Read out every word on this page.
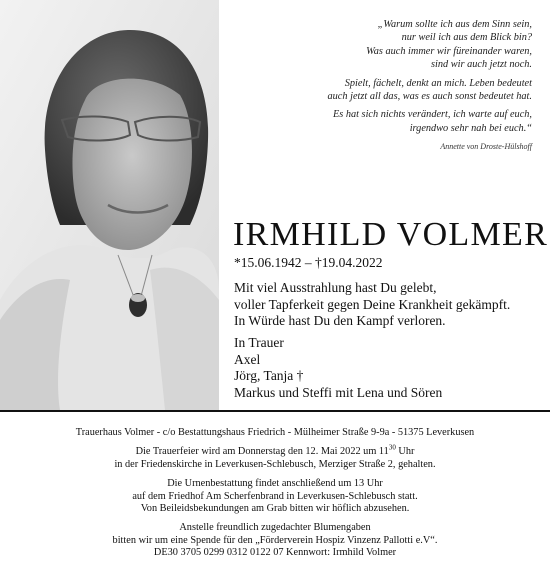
„Warum sollte ich aus dem Sinn sein,
nur weil ich aus dem Blick bin?
Was auch immer wir füreinander waren,
sind wir auch jetzt noch.
Spielt, fächelt, denkt an mich. Leben bedeutet
auch jetzt all das, was es auch sonst bedeutet hat.
Es hat sich nichts verändert, ich warte auf euch,
irgendwo sehr nah bei euch.“
Annette von Droste-Hülshoff
IRMHILD VOLMER
*15.06.1942 – †19.04.2022
Mit viel Ausstrahlung hast Du gelebt,
voller Tapferkeit gegen Deine Krankheit gekämpft.
In Würde hast Du den Kampf verloren.
In Trauer
Axel
Jörg, Tanja †
Markus und Steffi mit Lena und Sören
Trauerhaus Volmer - c/o Bestattungshaus Friedrich - Mülheimer Straße 9-9a - 51375 Leverkusen
Die Trauerfeier wird am Donnerstag den 12. Mai 2022 um $11^{30}$ Uhr
in der Friedenskirche in Leverkusen-Schlebusch, Merziger Straße 2, gehalten.
Die Urnenbestattung findet anschließend um 13 Uhr
auf dem Friedhof Am Scherfenbrand in Leverkusen-Schlebusch statt.
Von Beileidsbekundungen am Grab bitten wir höflich abzusehen.
Anstelle freundlich zugedachter Blumengaben
bitten wir um eine Spende für den „Förderverein Hospiz Vinzenz Pallotti e.V“.
DE30 3705 0299 0312 0122 07 Kennwort: Irmhild Volmer
